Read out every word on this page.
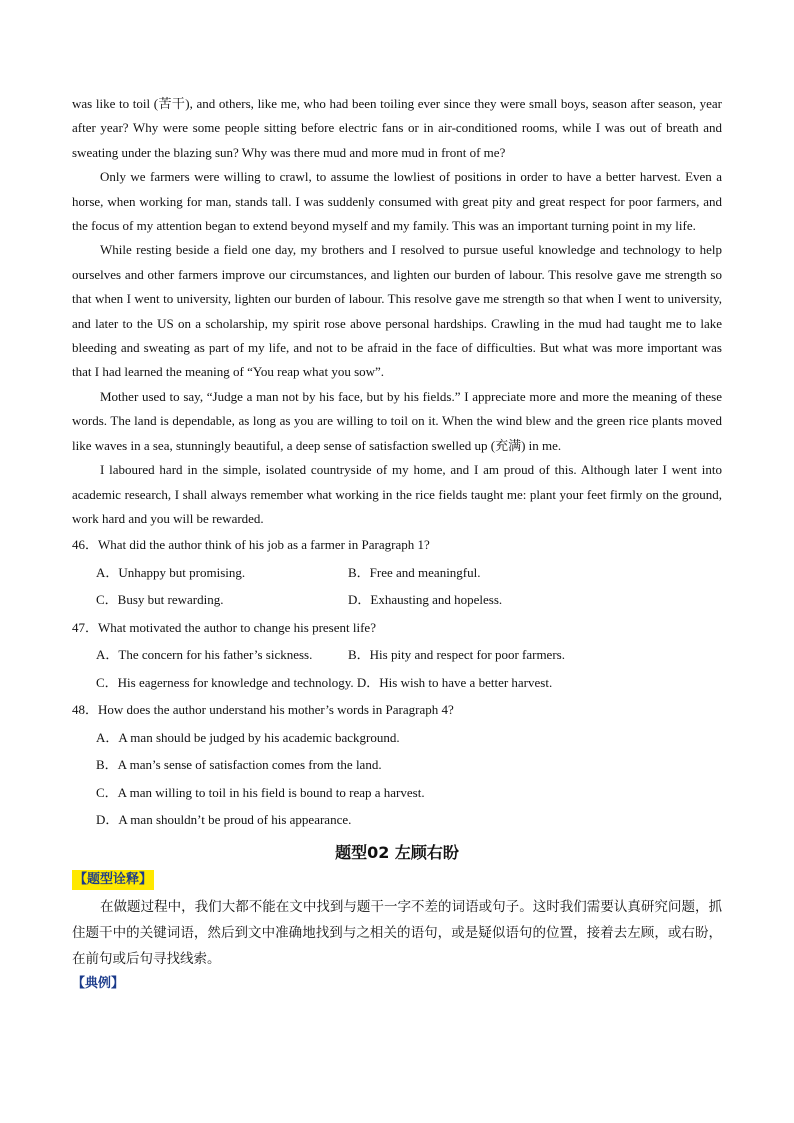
was like to toil (苦干), and others, like me, who had been toiling ever since they were small boys, season after season, year after year? Why were some people sitting before electric fans or in air-conditioned rooms, while I was out of breath and sweating under the blazing sun? Why was there mud and more mud in front of me?

Only we farmers were willing to crawl, to assume the lowliest of positions in order to have a better harvest. Even a horse, when working for man, stands tall. I was suddenly consumed with great pity and great respect for poor farmers, and the focus of my attention began to extend beyond myself and my family. This was an important turning point in my life.

While resting beside a field one day, my brothers and I resolved to pursue useful knowledge and technology to help ourselves and other farmers improve our circumstances, and lighten our burden of labour. This resolve gave me strength so that when I went to university, lighten our burden of labour. This resolve gave me strength so that when I went to university, and later to the US on a scholarship, my spirit rose above personal hardships. Crawling in the mud had taught me to lake bleeding and sweating as part of my life, and not to be afraid in the face of difficulties. But what was more important was that I had learned the meaning of “You reap what you sow”.

Mother used to say, “Judge a man not by his face, but by his fields.” I appreciate more and more the meaning of these words. The land is dependable, as long as you are willing to toil on it. When the wind blew and the green rice plants moved like waves in a sea, stunningly beautiful, a deep sense of satisfaction swelled up (充满) in me.

I laboured hard in the simple, isolated countryside of my home, and I am proud of this. Although later I went into academic research, I shall always remember what working in the rice fields taught me: plant your feet firmly on the ground, work hard and you will be rewarded.

46．What did the author think of his job as a farmer in Paragraph 1?

A．Unhappy but promising.	B．Free and meaningful.
C．Busy but rewarding.	D．Exhausting and hopeless.

47．What motivated the author to change his present life?

A．The concern for his father’s sickness.	B．His pity and respect for poor farmers.

C．His eagerness for knowledge and technology. D．His wish to have a better harvest.

48．How does the author understand his mother’s words in Paragraph 4?

A．A man should be judged by his academic background.

B．A man’s sense of satisfaction comes from the land.

C．A man willing to toil in his field is bound to reap a harvest.

D．A man shouldn’t be proud of his appearance.

题型02 左顾右盼
【题型诠释】

在做题过程中，我们大都不能在文中找到与题干一字不差的词语或句子。这时我们需要认真研究问题，抓住题干中的关键词语，然后到文中准确地找到与之相关的语句，或是疑似语句的位置，接着去左顾，或右盼，在前句或后句寻找线索。

【典例】
